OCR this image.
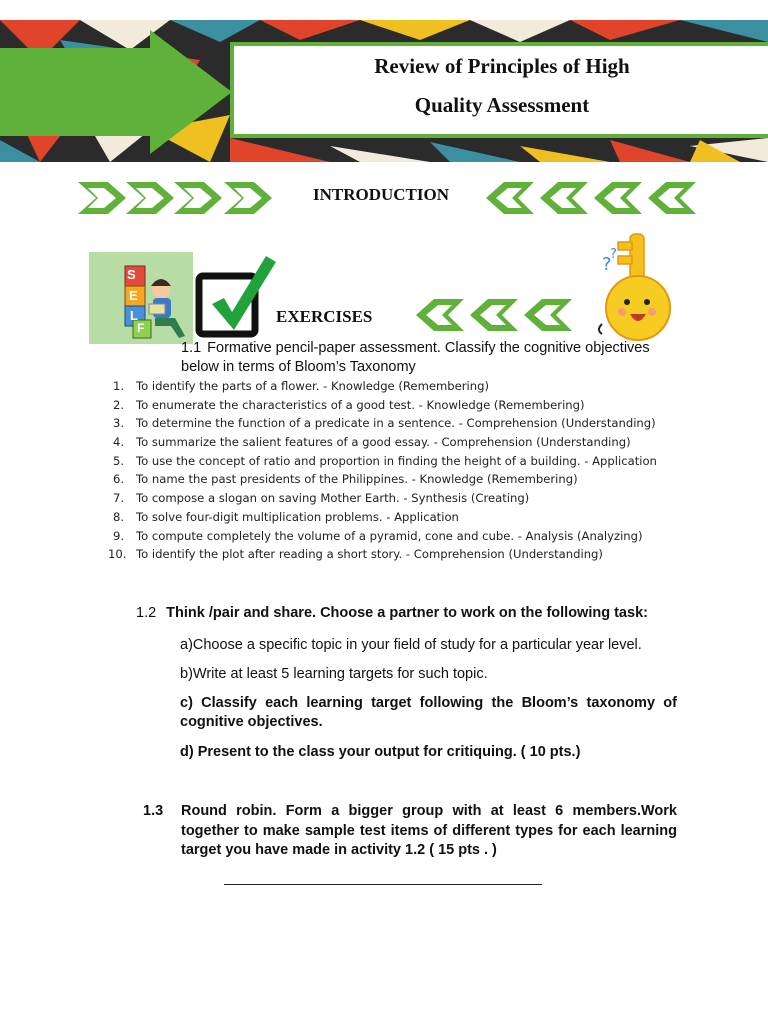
Review of Principles of High
Quality Assessment
INTRODUCTION
S
E
L
F
EXERCISES
?
?
1.1 Formative pencil-paper assessment. Classify the cognitive objectives below in terms of Bloom’s Taxonomy
1. To identify the parts of a flower. - Knowledge (Remembering)
2. To enumerate the characteristics of a good test. - Knowledge (Remembering)
3. To determine the function of a predicate in a sentence. - Comprehension (Understanding)
4. To summarize the salient features of a good essay. - Comprehension (Understanding)
5. To use the concept of ratio and proportion in finding the height of a building. - Application
6. To name the past presidents of the Philippines. - Knowledge (Remembering)
7. To compose a slogan on saving Mother Earth. - Synthesis (Creating)
8. To solve four-digit multiplication problems. - Application
9. To compute completely the volume of a pyramid, cone and cube. - Analysis (Analyzing)
10. To identify the plot after reading a short story. - Comprehension (Understanding)
1.2 Think /pair and share. Choose a partner to work on the following task:
a)Choose a specific topic in your field of study for a particular year level.
b)Write at least 5 learning targets for such topic.
c) Classify each learning target following the Bloom’s taxonomy of cognitive objectives.
d) Present to the class your output for critiquing. ( 10 pts.)
1.3 Round robin. Form a bigger group with at least 6 members.Work together to make sample test items of different types for each learning target you have made in activity 1.2 ( 15 pts . )
